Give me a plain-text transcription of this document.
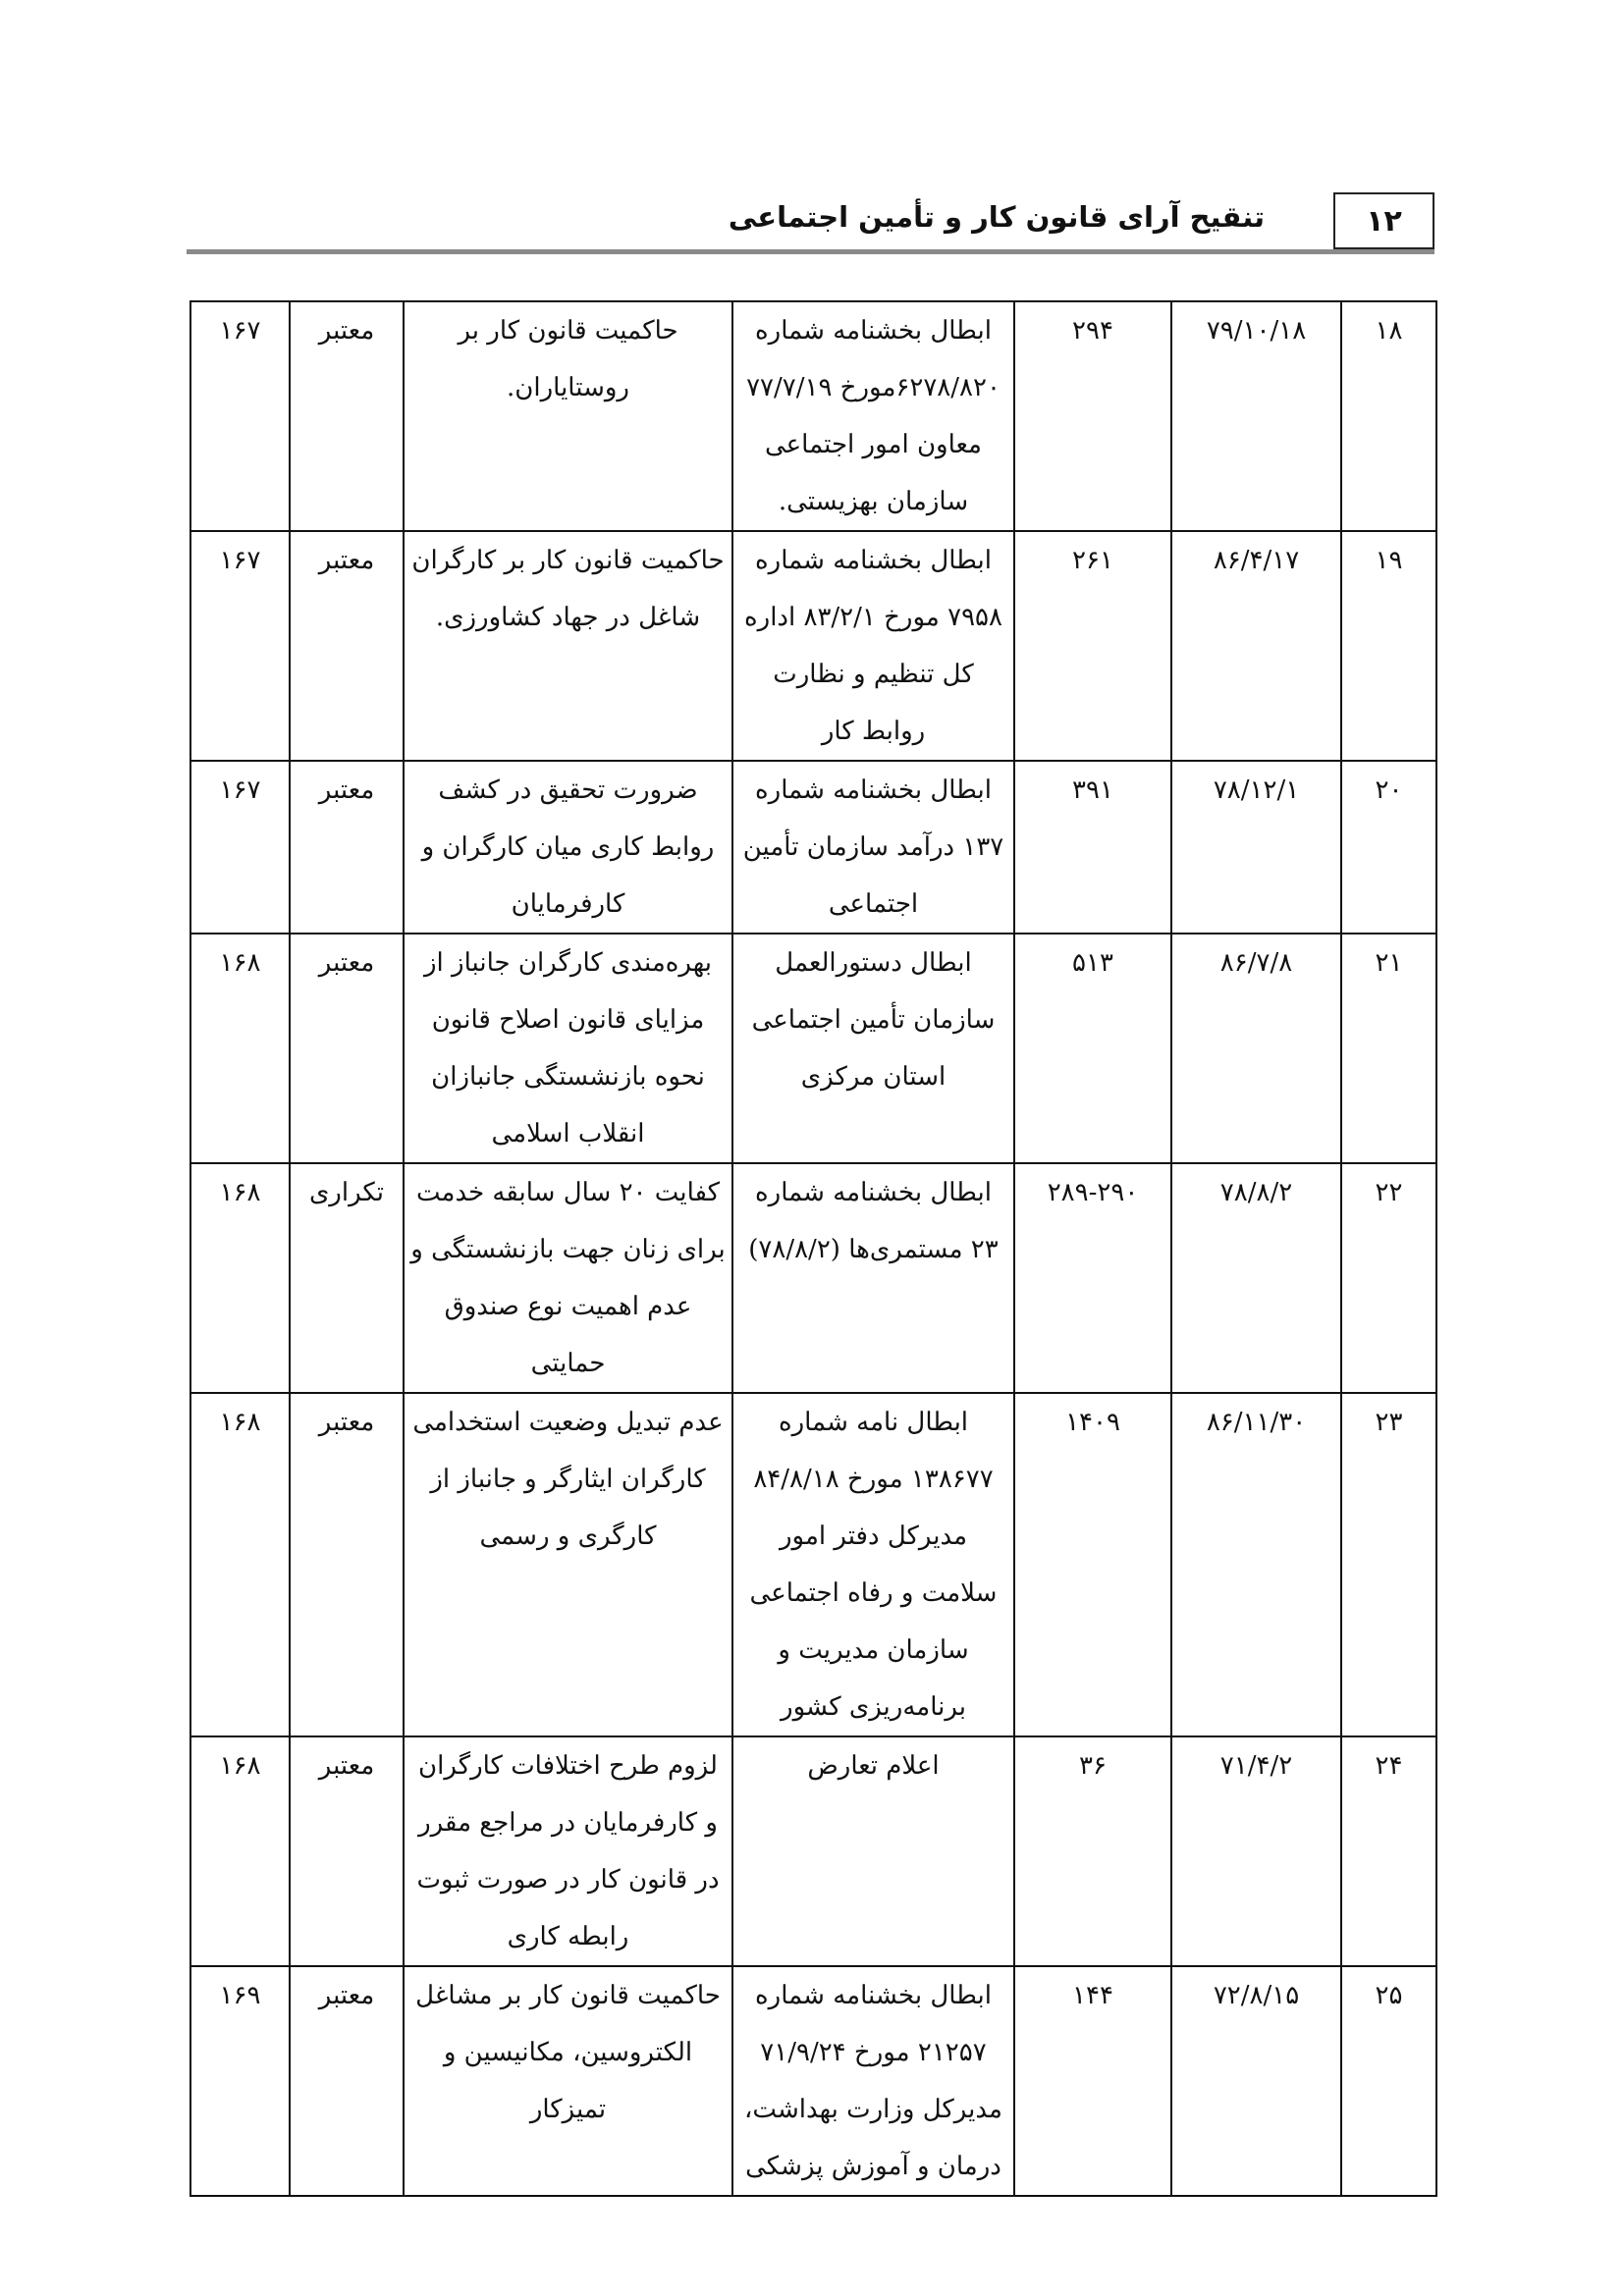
۱۲
تنقیح آرای قانون کار و تأمین اجتماعی
۱۸	۷۹/۱۰/۱۸	۲۹۴	ابطال بخشنامه شماره ۶۲۷۸/۸۲۰مورخ ۷۷/۷/۱۹ معاون امور اجتماعی سازمان بهزیستی.	حاکمیت قانون کار بر روستایاران.	معتبر	۱۶۷
۱۹	۸۶/۴/۱۷	۲۶۱	ابطال بخشنامه شماره ۷۹۵۸ مورخ ۸۳/۲/۱ اداره کل تنظیم و نظارت روابط کار	حاکمیت قانون کار بر کارگران شاغل در جهاد کشاورزی.	معتبر	۱۶۷
۲۰	۷۸/۱۲/۱	۳۹۱	ابطال بخشنامه شماره ۱۳۷ درآمد سازمان تأمین اجتماعی	ضرورت تحقیق در کشف روابط کاری میان کارگران و کارفرمایان	معتبر	۱۶۷
۲۱	۸۶/۷/۸	۵۱۳	ابطال دستورالعمل سازمان تأمین اجتماعی استان مرکزی	بهره‌مندی کارگران جانباز از مزایای قانون اصلاح قانون نحوه بازنشستگی جانبازان انقلاب اسلامی	معتبر	۱۶۸
۲۲	۷۸/۸/۲	۲۸۹-۲۹۰	ابطال بخشنامه شماره ۲۳ مستمری‌ها (۷۸/۸/۲)	کفایت ۲۰ سال سابقه خدمت برای زنان جهت بازنشستگی و عدم اهمیت نوع صندوق حمایتی	تکراری	۱۶۸
۲۳	۸۶/۱۱/۳۰	۱۴۰۹	ابطال نامه شماره ۱۳۸۶۷۷ مورخ ۸۴/۸/۱۸ مدیرکل دفتر امور سلامت و رفاه اجتماعی سازمان مدیریت و برنامه‌ریزی کشور	عدم تبدیل وضعیت استخدامی کارگران ایثارگر و جانباز از کارگری و رسمی	معتبر	۱۶۸
۲۴	۷۱/۴/۲	۳۶	اعلام تعارض	لزوم طرح اختلافات کارگران و کارفرمایان در مراجع مقرر در قانون کار در صورت ثبوت رابطه کاری	معتبر	۱۶۸
۲۵	۷۲/۸/۱۵	۱۴۴	ابطال بخشنامه شماره ۲۱۲۵۷ مورخ ۷۱/۹/۲۴ مدیرکل وزارت بهداشت، درمان و آموزش پزشکی	حاکمیت قانون کار بر مشاغل الکتروسین، مکانیسین و تمیزکار	معتبر	۱۶۹
